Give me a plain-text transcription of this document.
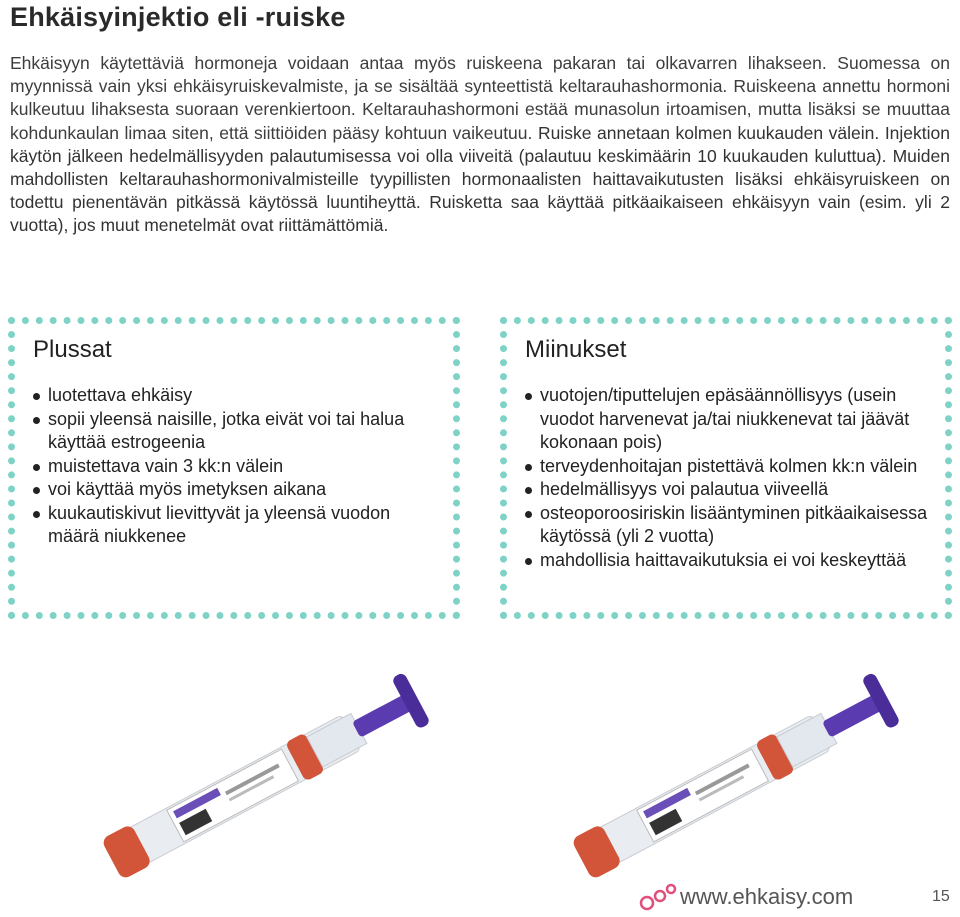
Ehkäisyinjektio eli -ruiske
Ehkäisyyn käytettäviä hormoneja voidaan antaa myös ruiskeena pakaran tai olkavarren lihakseen. Suomessa on myynnissä vain yksi ehkäisyruiskevalmiste, ja se sisältää synteettistä keltarauhashormonia. Ruiskeena annettu hormoni kulkeutuu lihaksesta suoraan verenkiertoon. Keltarauhashormoni estää munasolun irtoamisen, mutta lisäksi se muuttaa kohdunkaulan limaa siten, että siittiöiden pääsy kohtuun vaikeutuu. Ruiske annetaan kolmen kuukauden välein. Injektion käytön jälkeen hedelmällisyyden palautumisessa voi olla viiveitä (palautuu keskimäärin 10 kuukauden kuluttua). Muiden mahdollisten keltarauhashormonivalmisteille tyypillisten hormonaalisten haittavaikutusten lisäksi ehkäisyruiskeen on todettu pienentävän pitkässä käytössä luuntiheyttä. Ruisketta saa käyttää pitkäaikaiseen ehkäisyyn vain (esim. yli 2 vuotta), jos muut menetelmät ovat riittämättömiä.
Plussat
luotettava ehkäisy
sopii yleensä naisille, jotka eivät voi tai halua käyttää estrogeenia
muistettava vain 3 kk:n välein
voi käyttää myös imetyksen aikana
kuukautiskivut lievittyvät ja yleensä vuodon määrä niukkenee
Miinukset
vuotojen/tiputtelujen epäsäännöllisyys (usein vuodot harvenevat ja/tai niukkenevat tai jäävät kokonaan pois)
terveydenhoitajan pistettävä kolmen kk:n välein
hedelmällisyys voi palautua viiveellä
osteoporoosiriskin lisääntyminen pitkäaikaisessa käytössä (yli 2 vuotta)
mahdollisia haittavaikutuksia ei voi keskeyttää
www.ehkaisy.com	15
